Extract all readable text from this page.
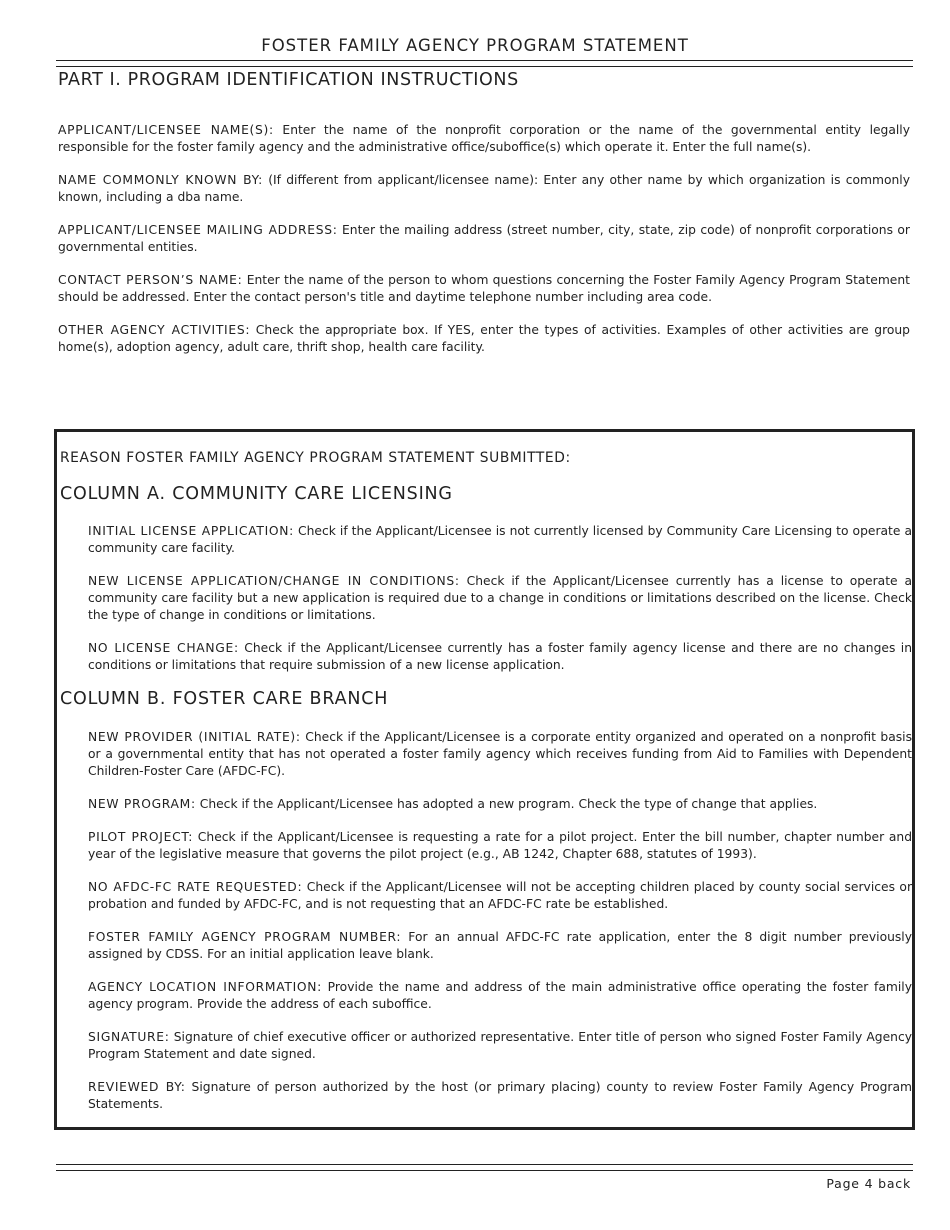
FOSTER FAMILY AGENCY PROGRAM STATEMENT
PART I. PROGRAM IDENTIFICATION INSTRUCTIONS

APPLICANT/LICENSEE NAME(S): Enter the name of the nonprofit corporation or the name of the governmental entity legally responsible for the foster family agency and the administrative office/suboffice(s) which operate it. Enter the full name(s).

NAME COMMONLY KNOWN BY: (If different from applicant/licensee name): Enter any other name by which organization is commonly known, including a dba name.

APPLICANT/LICENSEE MAILING ADDRESS: Enter the mailing address (street number, city, state, zip code) of nonprofit corporations or governmental entities.

CONTACT PERSON’S NAME: Enter the name of the person to whom questions concerning the Foster Family Agency Program Statement should be addressed. Enter the contact person's title and daytime telephone number including area code.

OTHER AGENCY ACTIVITIES: Check the appropriate box. If YES, enter the types of activities. Examples of other activities are group home(s), adoption agency, adult care, thrift shop, health care facility.

REASON FOSTER FAMILY AGENCY PROGRAM STATEMENT SUBMITTED:
COLUMN A. COMMUNITY CARE LICENSING

INITIAL LICENSE APPLICATION: Check if the Applicant/Licensee is not currently licensed by Community Care Licensing to operate a community care facility.

NEW LICENSE APPLICATION/CHANGE IN CONDITIONS: Check if the Applicant/Licensee currently has a license to operate a community care facility but a new application is required due to a change in conditions or limitations described on the license. Check the type of change in conditions or limitations.

NO LICENSE CHANGE: Check if the Applicant/Licensee currently has a foster family agency license and there are no changes in conditions or limitations that require submission of a new license application.

COLUMN B. FOSTER CARE BRANCH

NEW PROVIDER (INITIAL RATE): Check if the Applicant/Licensee is a corporate entity organized and operated on a nonprofit basis or a governmental entity that has not operated a foster family agency which receives funding from Aid to Families with Dependent Children-Foster Care (AFDC-FC).

NEW PROGRAM: Check if the Applicant/Licensee has adopted a new program. Check the type of change that applies.

PILOT PROJECT: Check if the Applicant/Licensee is requesting a rate for a pilot project. Enter the bill number, chapter number and year of the legislative measure that governs the pilot project (e.g., AB 1242, Chapter 688, statutes of 1993).

NO AFDC-FC RATE REQUESTED: Check if the Applicant/Licensee will not be accepting children placed by county social services or probation and funded by AFDC-FC, and is not requesting that an AFDC-FC rate be established.

FOSTER FAMILY AGENCY PROGRAM NUMBER: For an annual AFDC-FC rate application, enter the 8 digit number previously assigned by CDSS. For an initial application leave blank.

AGENCY LOCATION INFORMATION: Provide the name and address of the main administrative office operating the foster family agency program. Provide the address of each suboffice.

SIGNATURE: Signature of chief executive officer or authorized representative. Enter title of person who signed Foster Family Agency Program Statement and date signed.

REVIEWED BY: Signature of person authorized by the host (or primary placing) county to review Foster Family Agency Program Statements.

Page 4 back
